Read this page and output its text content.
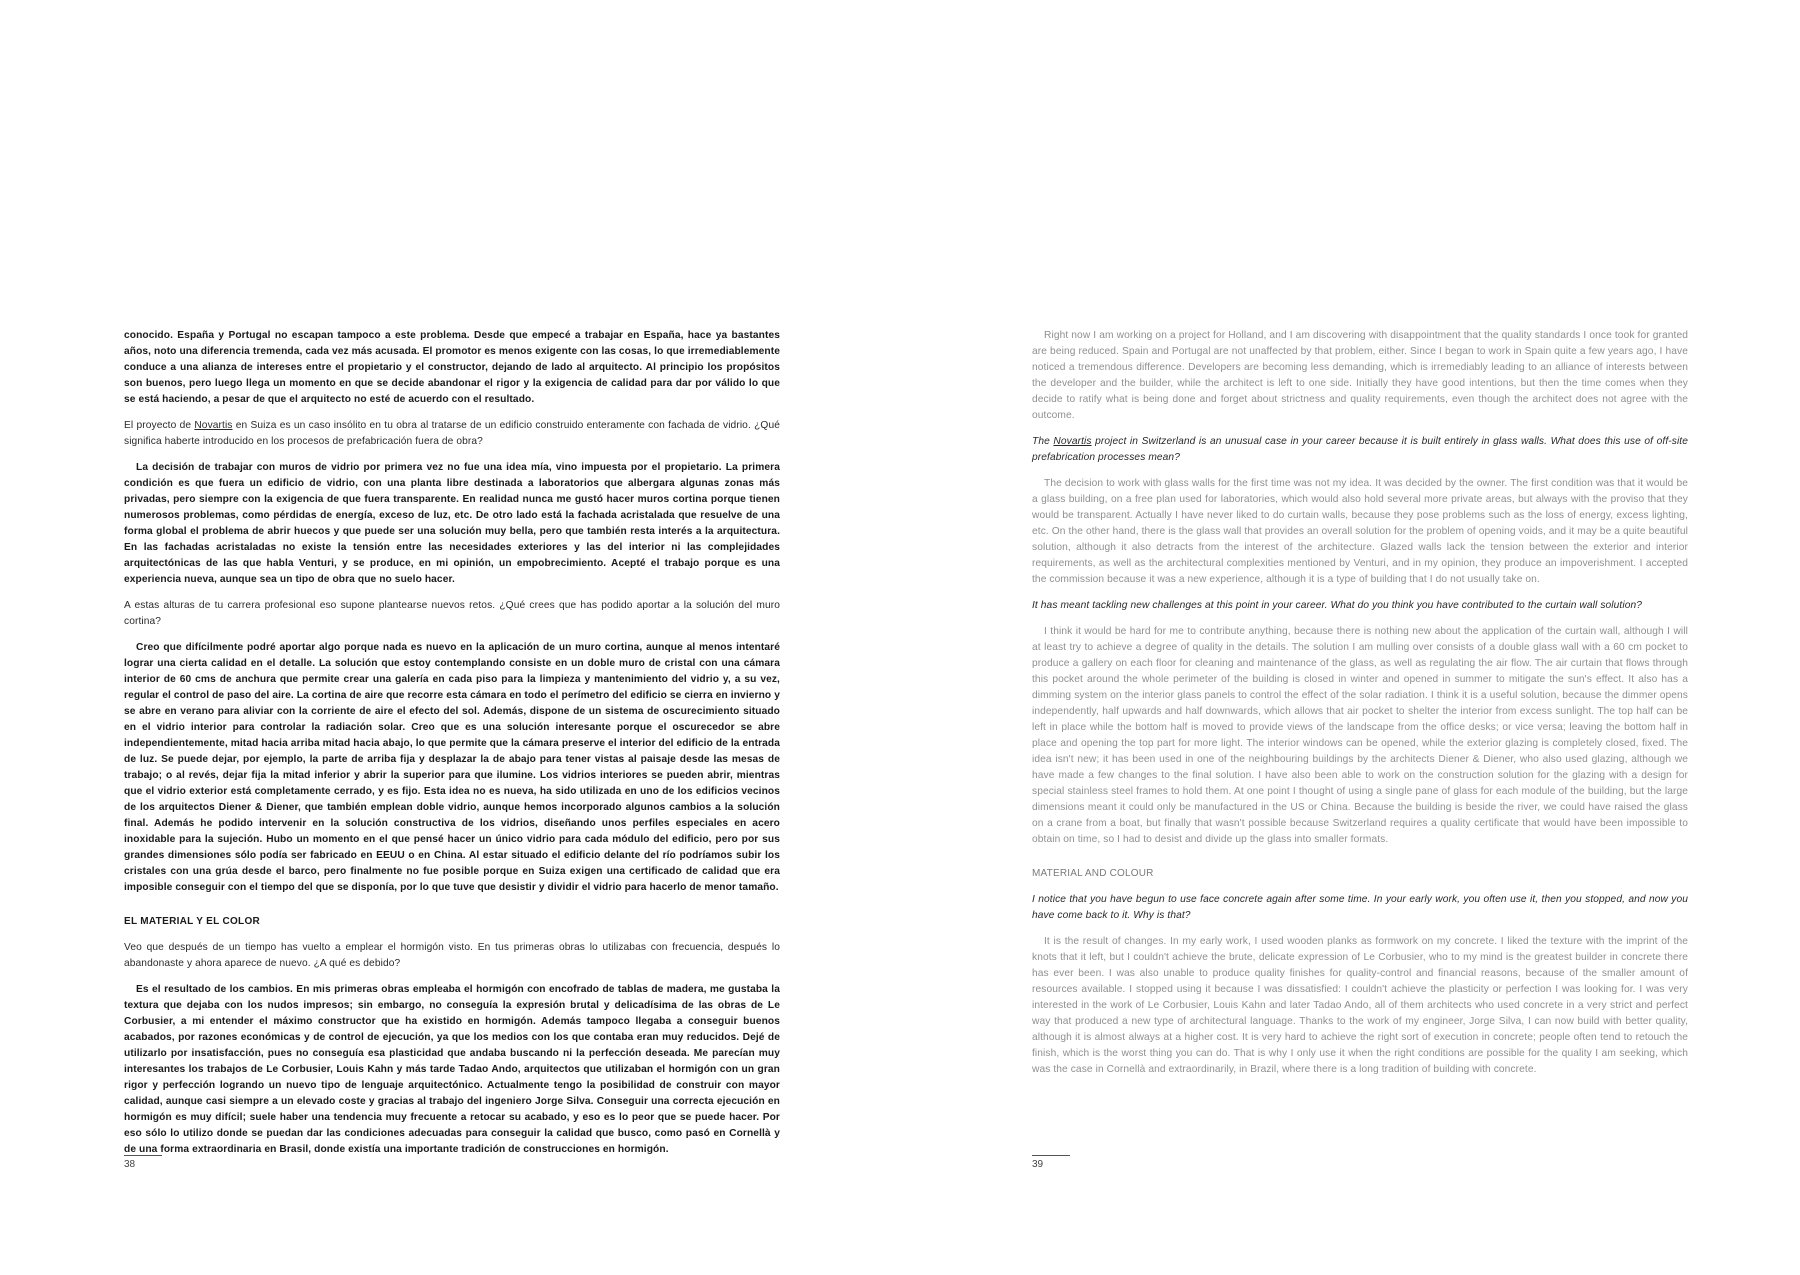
conocido. España y Portugal no escapan tampoco a este problema. Desde que empecé a trabajar en España, hace ya bastantes años, noto una diferencia tremenda, cada vez más acusada. El promotor es menos exigente con las cosas, lo que irremediablemente conduce a una alianza de intereses entre el propietario y el constructor, dejando de lado al arquitecto. Al principio los propósitos son buenos, pero luego llega un momento en que se decide abandonar el rigor y la exigencia de calidad para dar por válido lo que se está haciendo, a pesar de que el arquitecto no esté de acuerdo con el resultado.

El proyecto de Novartis en Suiza es un caso insólito en tu obra al tratarse de un edificio construido enteramente con fachada de vidrio. ¿Qué significa haberte introducido en los procesos de prefabricación fuera de obra?

La decisión de trabajar con muros de vidrio por primera vez no fue una idea mía, vino impuesta por el propietario. La primera condición es que fuera un edificio de vidrio, con una planta libre destinada a laboratorios que albergara algunas zonas más privadas, pero siempre con la exigencia de que fuera transparente. En realidad nunca me gustó hacer muros cortina porque tienen numerosos problemas, como pérdidas de energía, exceso de luz, etc. De otro lado está la fachada acristalada que resuelve de una forma global el problema de abrir huecos y que puede ser una solución muy bella, pero que también resta interés a la arquitectura. En las fachadas acristaladas no existe la tensión entre las necesidades exteriores y las del interior ni las complejidades arquitectónicas de las que habla Venturi, y se produce, en mi opinión, un empobrecimiento. Acepté el trabajo porque es una experiencia nueva, aunque sea un tipo de obra que no suelo hacer.

A estas alturas de tu carrera profesional eso supone plantearse nuevos retos. ¿Qué crees que has podido aportar a la solución del muro cortina?

Creo que difícilmente podré aportar algo porque nada es nuevo en la aplicación de un muro cortina, aunque al menos intentaré lograr una cierta calidad en el detalle. La solución que estoy contemplando consiste en un doble muro de cristal con una cámara interior de 60 cms de anchura que permite crear una galería en cada piso para la limpieza y mantenimiento del vidrio y, a su vez, regular el control de paso del aire. La cortina de aire que recorre esta cámara en todo el perímetro del edificio se cierra en invierno y se abre en verano para aliviar con la corriente de aire el efecto del sol. Además, dispone de un sistema de oscurecimiento situado en el vidrio interior para controlar la radiación solar. Creo que es una solución interesante porque el oscurecedor se abre independientemente, mitad hacia arriba mitad hacia abajo, lo que permite que la cámara preserve el interior del edificio de la entrada de luz. Se puede dejar, por ejemplo, la parte de arriba fija y desplazar la de abajo para tener vistas al paisaje desde las mesas de trabajo; o al revés, dejar fija la mitad inferior y abrir la superior para que ilumine. Los vidrios interiores se pueden abrir, mientras que el vidrio exterior está completamente cerrado, y es fijo. Esta idea no es nueva, ha sido utilizada en uno de los edificios vecinos de los arquitectos Diener & Diener, que también emplean doble vidrio, aunque hemos incorporado algunos cambios a la solución final. Además he podido intervenir en la solución constructiva de los vidrios, diseñando unos perfiles especiales en acero inoxidable para la sujeción. Hubo un momento en el que pensé hacer un único vidrio para cada módulo del edificio, pero por sus grandes dimensiones sólo podía ser fabricado en EEUU o en China. Al estar situado el edificio delante del río podríamos subir los cristales con una grúa desde el barco, pero finalmente no fue posible porque en Suiza exigen una certificado de calidad que era imposible conseguir con el tiempo del que se disponía, por lo que tuve que desistir y dividir el vidrio para hacerlo de menor tamaño.

EL MATERIAL Y EL COLOR

Veo que después de un tiempo has vuelto a emplear el hormigón visto. En tus primeras obras lo utilizabas con frecuencia, después lo abandonaste y ahora aparece de nuevo. ¿A qué es debido?

Es el resultado de los cambios. En mis primeras obras empleaba el hormigón con encofrado de tablas de madera, me gustaba la textura que dejaba con los nudos impresos; sin embargo, no conseguía la expresión brutal y delicadísima de las obras de Le Corbusier, a mi entender el máximo constructor que ha existido en hormigón. Además tampoco llegaba a conseguir buenos acabados, por razones económicas y de control de ejecución, ya que los medios con los que contaba eran muy reducidos. Dejé de utilizarlo por insatisfacción, pues no conseguía esa plasticidad que andaba buscando ni la perfección deseada. Me parecían muy interesantes los trabajos de Le Corbusier, Louis Kahn y más tarde Tadao Ando, arquitectos que utilizaban el hormigón con un gran rigor y perfección logrando un nuevo tipo de lenguaje arquitectónico. Actualmente tengo la posibilidad de construir con mayor calidad, aunque casi siempre a un elevado coste y gracias al trabajo del ingeniero Jorge Silva. Conseguir una correcta ejecución en hormigón es muy difícil; suele haber una tendencia muy frecuente a retocar su acabado, y eso es lo peor que se puede hacer. Por eso sólo lo utilizo donde se puedan dar las condiciones adecuadas para conseguir la calidad que busco, como pasó en Cornellà y de una forma extraordinaria en Brasil, donde existía una importante tradición de construcciones en hormigón.

38

Right now I am working on a project for Holland, and I am discovering with disappointment that the quality standards I once took for granted are being reduced. Spain and Portugal are not unaffected by that problem, either. Since I began to work in Spain quite a few years ago, I have noticed a tremendous difference. Developers are becoming less demanding, which is irremediably leading to an alliance of interests between the developer and the builder, while the architect is left to one side. Initially they have good intentions, but then the time comes when they decide to ratify what is being done and forget about strictness and quality requirements, even though the architect does not agree with the outcome.

The Novartis project in Switzerland is an unusual case in your career because it is built entirely in glass walls. What does this use of off-site prefabrication processes mean?

The decision to work with glass walls for the first time was not my idea. It was decided by the owner. The first condition was that it would be a glass building, on a free plan used for laboratories, which would also hold several more private areas, but always with the proviso that they would be transparent. Actually I have never liked to do curtain walls, because they pose problems such as the loss of energy, excess lighting, etc. On the other hand, there is the glass wall that provides an overall solution for the problem of opening voids, and it may be a quite beautiful solution, although it also detracts from the interest of the architecture. Glazed walls lack the tension between the exterior and interior requirements, as well as the architectural complexities mentioned by Venturi, and in my opinion, they produce an impoverishment. I accepted the commission because it was a new experience, although it is a type of building that I do not usually take on.

It has meant tackling new challenges at this point in your career. What do you think you have contributed to the curtain wall solution?

I think it would be hard for me to contribute anything, because there is nothing new about the application of the curtain wall, although I will at least try to achieve a degree of quality in the details. The solution I am mulling over consists of a double glass wall with a 60 cm pocket to produce a gallery on each floor for cleaning and maintenance of the glass, as well as regulating the air flow. The air curtain that flows through this pocket around the whole perimeter of the building is closed in winter and opened in summer to mitigate the sun's effect. It also has a dimming system on the interior glass panels to control the effect of the solar radiation. I think it is a useful solution, because the dimmer opens independently, half upwards and half downwards, which allows that air pocket to shelter the interior from excess sunlight. The top half can be left in place while the bottom half is moved to provide views of the landscape from the office desks; or vice versa; leaving the bottom half in place and opening the top part for more light. The interior windows can be opened, while the exterior glazing is completely closed, fixed. The idea isn't new; it has been used in one of the neighbouring buildings by the architects Diener & Diener, who also used glazing, although we have made a few changes to the final solution. I have also been able to work on the construction solution for the glazing with a design for special stainless steel frames to hold them. At one point I thought of using a single pane of glass for each module of the building, but the large dimensions meant it could only be manufactured in the US or China. Because the building is beside the river, we could have raised the glass on a crane from a boat, but finally that wasn't possible because Switzerland requires a quality certificate that would have been impossible to obtain on time, so I had to desist and divide up the glass into smaller formats.

MATERIAL AND COLOUR

I notice that you have begun to use face concrete again after some time. In your early work, you often use it, then you stopped, and now you have come back to it. Why is that?

It is the result of changes. In my early work, I used wooden planks as formwork on my concrete. I liked the texture with the imprint of the knots that it left, but I couldn't achieve the brute, delicate expression of Le Corbusier, who to my mind is the greatest builder in concrete there has ever been. I was also unable to produce quality finishes for quality-control and financial reasons, because of the smaller amount of resources available. I stopped using it because I was dissatisfied: I couldn't achieve the plasticity or perfection I was looking for. I was very interested in the work of Le Corbusier, Louis Kahn and later Tadao Ando, all of them architects who used concrete in a very strict and perfect way that produced a new type of architectural language. Thanks to the work of my engineer, Jorge Silva, I can now build with better quality, although it is almost always at a higher cost. It is very hard to achieve the right sort of execution in concrete; people often tend to retouch the finish, which is the worst thing you can do. That is why I only use it when the right conditions are possible for the quality I am seeking, which was the case in Cornellà and extraordinarily, in Brazil, where there is a long tradition of building with concrete.

39
